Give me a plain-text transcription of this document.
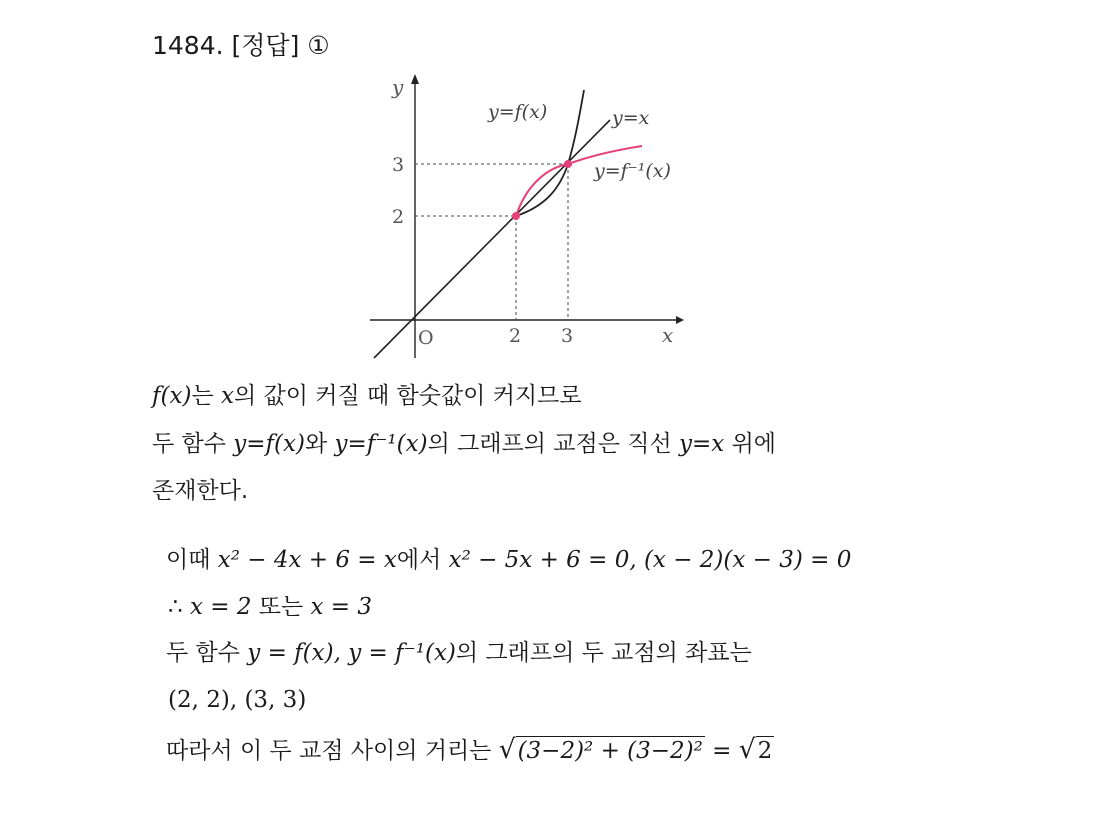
1484. [정답] ①
y
x
O	2 3
2
3
y=f(x)	y=x
y=f⁻¹(x)
f(x)는 x의 값이 커질 때 함숫값이 커지므로
두 함수 y=f(x)와 y=f⁻¹(x)의 그래프의 교점은 직선 y=x 위에
존재한다.
이때 x² − 4x + 6 = x에서 x² − 5x + 6 = 0, (x − 2)(x − 3) = 0
∴ x = 2 또는 x = 3
두 함수 y = f(x), y = f⁻¹(x)의 그래프의 두 교점의 좌표는
(2, 2), (3, 3)
따라서 이 두 교점 사이의 거리는 √(3−2)² + (3−2)² = √2
